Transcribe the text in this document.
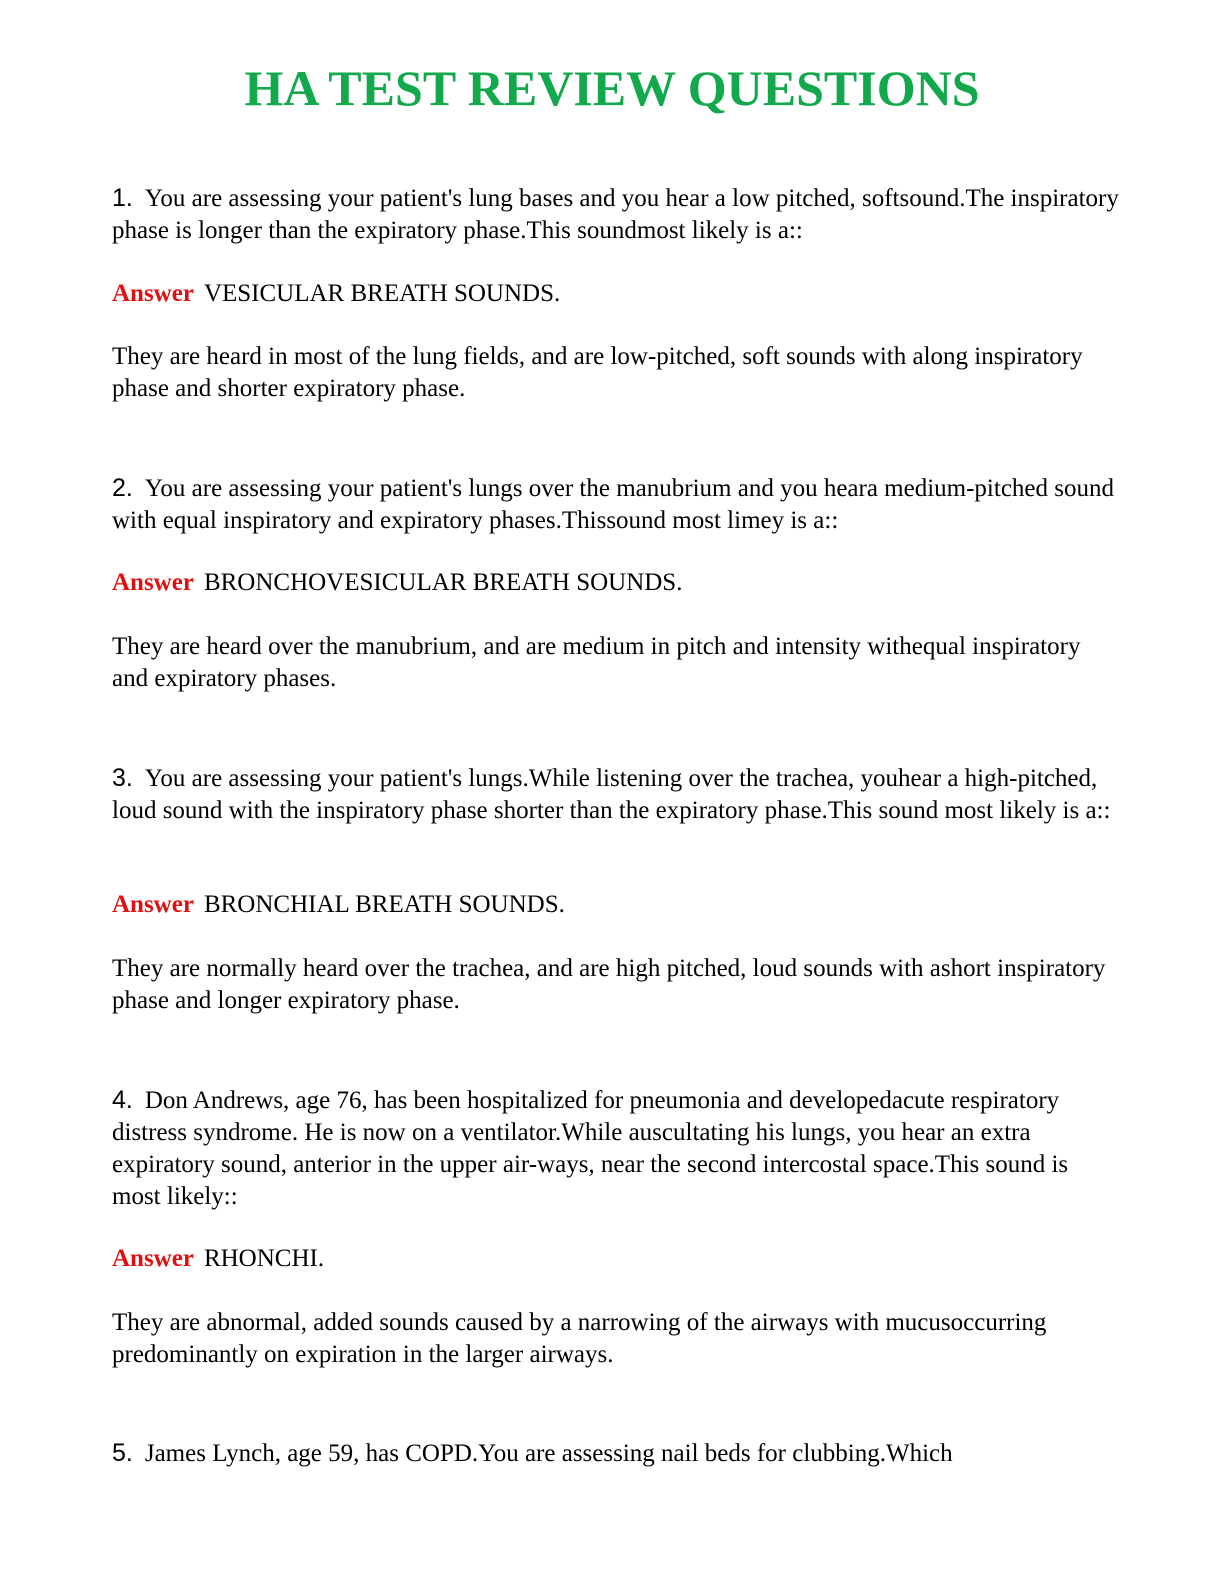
HA TEST REVIEW QUESTIONS

1. You are assessing your patient's lung bases and you hear a low pitched, softsound.The inspiratory phase is longer than the expiratory phase.This soundmost likely is a::

Answer VESICULAR BREATH SOUNDS.

They are heard in most of the lung fields, and are low-pitched, soft sounds with along inspiratory phase and shorter expiratory phase.

2. You are assessing your patient's lungs over the manubrium and you heara medium-pitched sound with equal inspiratory and expiratory phases.Thissound most limey is a::

Answer BRONCHOVESICULAR BREATH SOUNDS.

They are heard over the manubrium, and are medium in pitch and intensity withequal inspiratory and expiratory phases.

3. You are assessing your patient's lungs.While listening over the trachea, youhear a high-pitched, loud sound with the inspiratory phase shorter than the expiratory phase.This sound most likely is a::

Answer BRONCHIAL BREATH SOUNDS.

They are normally heard over the trachea, and are high pitched, loud sounds with ashort inspiratory phase and longer expiratory phase.

4. Don Andrews, age 76, has been hospitalized for pneumonia and developedacute respiratory distress syndrome. He is now on a ventilator.While auscultating his lungs, you hear an extra expiratory sound, anterior in the upper air-ways, near the second intercostal space.This sound is most likely::

Answer RHONCHI.

They are abnormal, added sounds caused by a narrowing of the airways with mucusoccurring predominantly on expiration in the larger airways.

5. James Lynch, age 59, has COPD.You are assessing nail beds for clubbing.Which
